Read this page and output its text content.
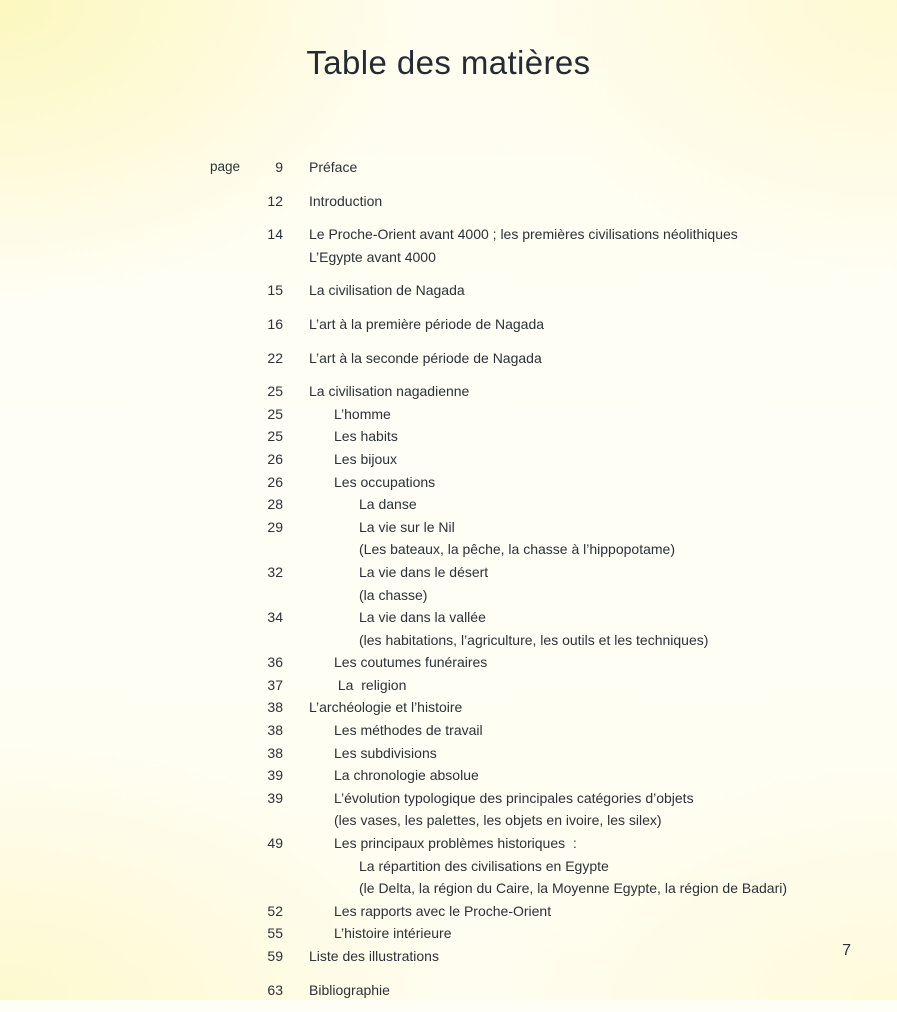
Table des matières
page	9 Préface
12 Introduction
14 Le Proche-Orient avant 4000 ; les premières civilisations néolithiques
L’Egypte avant 4000
15 La civilisation de Nagada
16 L’art à la première période de Nagada
22 L’art à la seconde période de Nagada
25 La civilisation nagadienne
25	L’homme
25	Les habits
26	Les bijoux
26	Les occupations
28	La danse
29	La vie sur le Nil
(Les bateaux, la pêche, la chasse à l’hippopotame)
32	La vie dans le désert
(la chasse)
34	La vie dans la vallée
(les habitations, l’agriculture, les outils et les techniques)
36	Les coutumes funéraires
37	La  religion
38 L’archéologie et l’histoire
38	Les méthodes de travail
38	Les subdivisions
39	La chronologie absolue
39	L’évolution typologique des principales catégories d’objets
(les vases, les palettes, les objets en ivoire, les silex)
49	Les principaux problèmes historiques  :
La répartition des civilisations en Egypte
(le Delta, la région du Caire, la Moyenne Egypte, la région de Badari)
52	Les rapports avec le Proche-Orient
55	L’histoire intérieure
59 Liste des illustrations
63 Bibliographie
7
